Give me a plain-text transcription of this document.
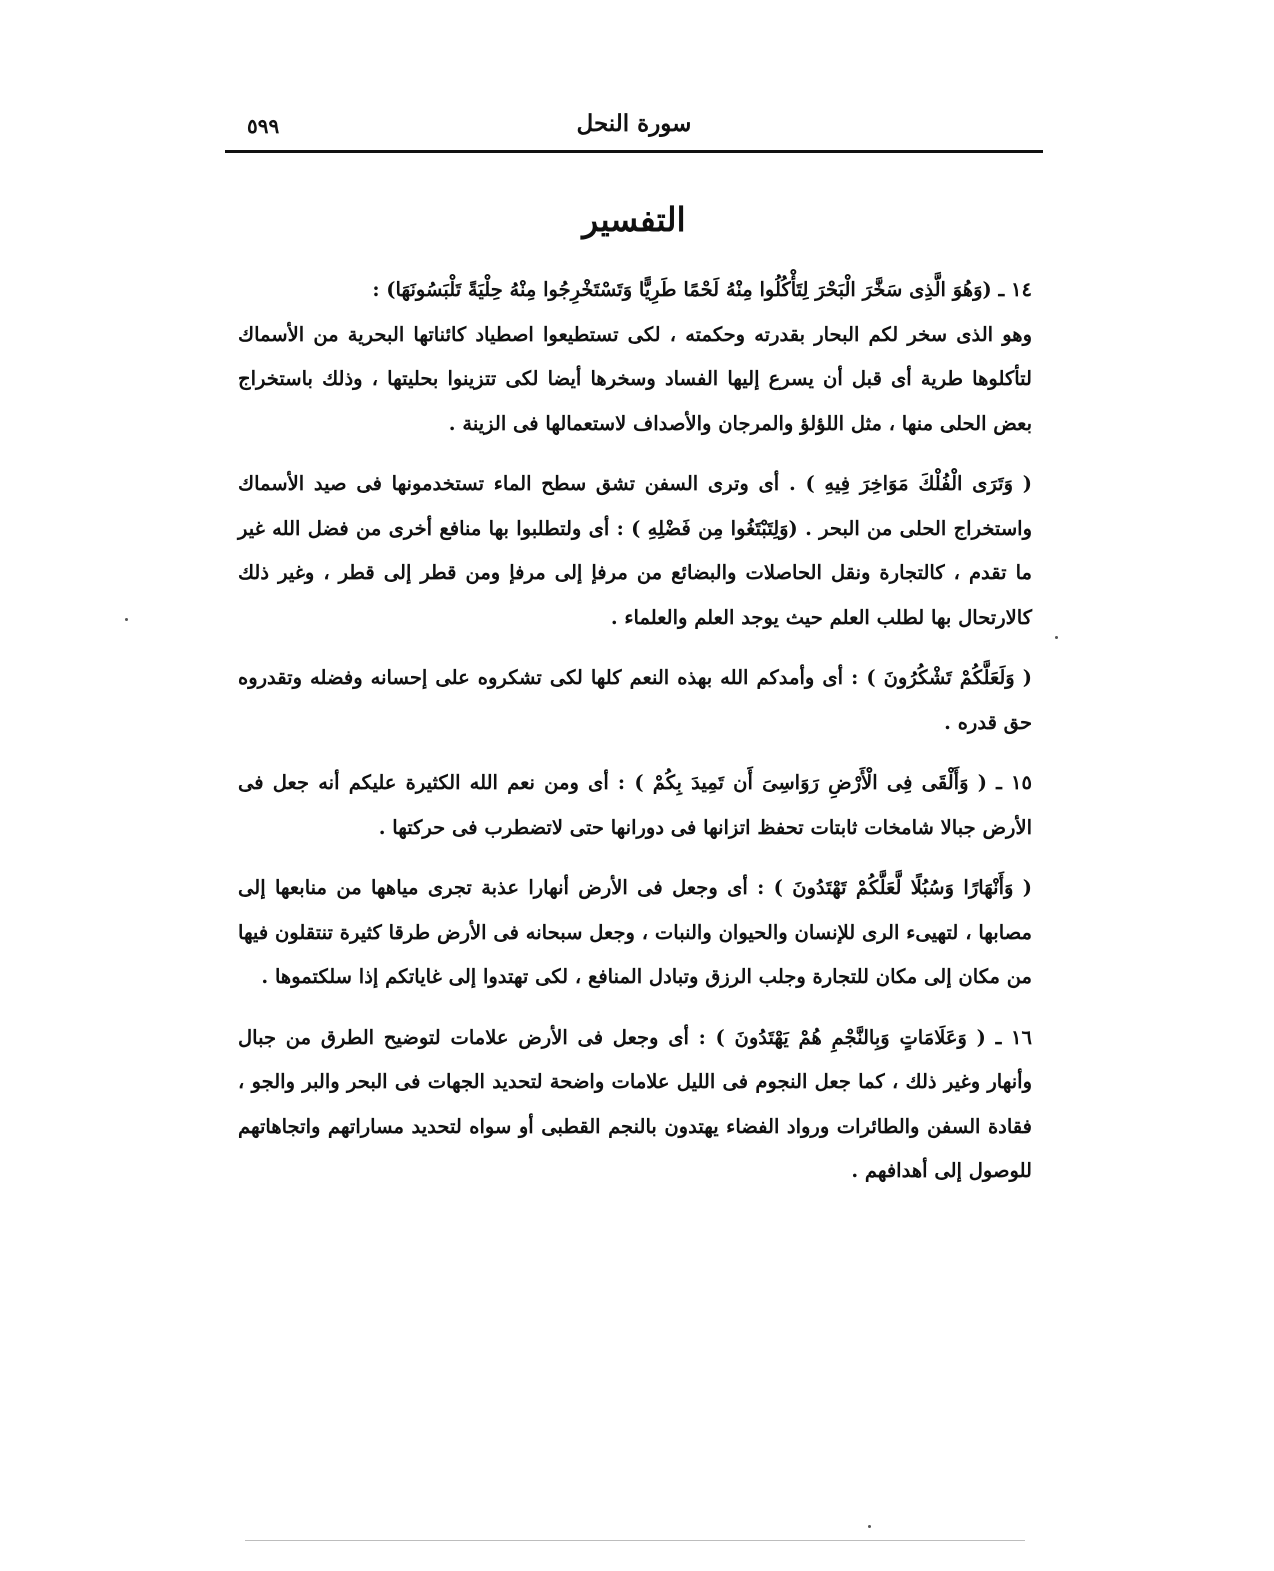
سورة النحل
٥٩٩
التفسير

١٤ ـ (وَهُوَ الَّذِى سَخَّرَ الْبَحْرَ لِتَأْكُلُوا مِنْهُ لَحْمًا طَرِيًّا وَتَسْتَخْرِجُوا مِنْهُ حِلْيَةً تَلْبَسُونَهَا) :

وهو الذى سخر لكم البحار بقدرته وحكمته ، لكى تستطيعوا اصطياد كائناتها البحرية من الأسماك لتأكلوها طرية أى قبل أن يسرع إليها الفساد وسخرها أيضا لكى تتزينوا بحليتها ، وذلك باستخراج بعض الحلى منها ، مثل اللؤلؤ والمرجان والأصداف لاستعمالها فى الزينة .

( وَتَرَى الْفُلْكَ مَوَاخِرَ فِيهِ ) . أى وترى السفن تشق سطح الماء تستخدمونها فى صيد الأسماك واستخراج الحلى من البحر . (وَلِتَبْتَغُوا مِن فَضْلِهِ ) : أى ولتطلبوا بها منافع أخرى من فضل الله غير ما تقدم ، كالتجارة ونقل الحاصلات والبضائع من مرفإ إلى مرفإ ومن قطر إلى قطر ، وغير ذلك كالارتحال بها لطلب العلم حيث يوجد العلم والعلماء .

( وَلَعَلَّكُمْ تَشْكُرُونَ ) : أى وأمدكم الله بهذه النعم كلها لكى تشكروه على إحسانه وفضله وتقدروه حق قدره .

١٥ ـ ( وَأَلْقَى فِى الْأَرْضِ رَوَاسِىَ أَن تَمِيدَ بِكُمْ ) : أى ومن نعم الله الكثيرة عليكم أنه جعل فى الأرض جبالا شامخات ثابتات تحفظ اتزانها فى دورانها حتى لاتضطرب فى حركتها .

( وَأَنْهَارًا وَسُبُلًا لَّعَلَّكُمْ تَهْتَدُونَ ) : أى وجعل فى الأرض أنهارا عذبة تجرى مياهها من منابعها إلى مصابها ، لتهيىء الرى للإنسان والحيوان والنبات ، وجعل سبحانه فى الأرض طرقا كثيرة تنتقلون فيها من مكان إلى مكان للتجارة وجلب الرزق وتبادل المنافع ، لكى تهتدوا إلى غاياتكم إذا سلكتموها .

١٦ ـ ( وَعَلَامَاتٍ وَبِالنَّجْمِ هُمْ يَهْتَدُونَ ) : أى وجعل فى الأرض علامات لتوضيح الطرق من جبال وأنهار وغير ذلك ، كما جعل النجوم فى الليل علامات واضحة لتحديد الجهات فى البحر والبر والجو ، فقادة السفن والطائرات ورواد الفضاء يهتدون بالنجم القطبى أو سواه لتحديد مساراتهم واتجاهاتهم للوصول إلى أهدافهم .
